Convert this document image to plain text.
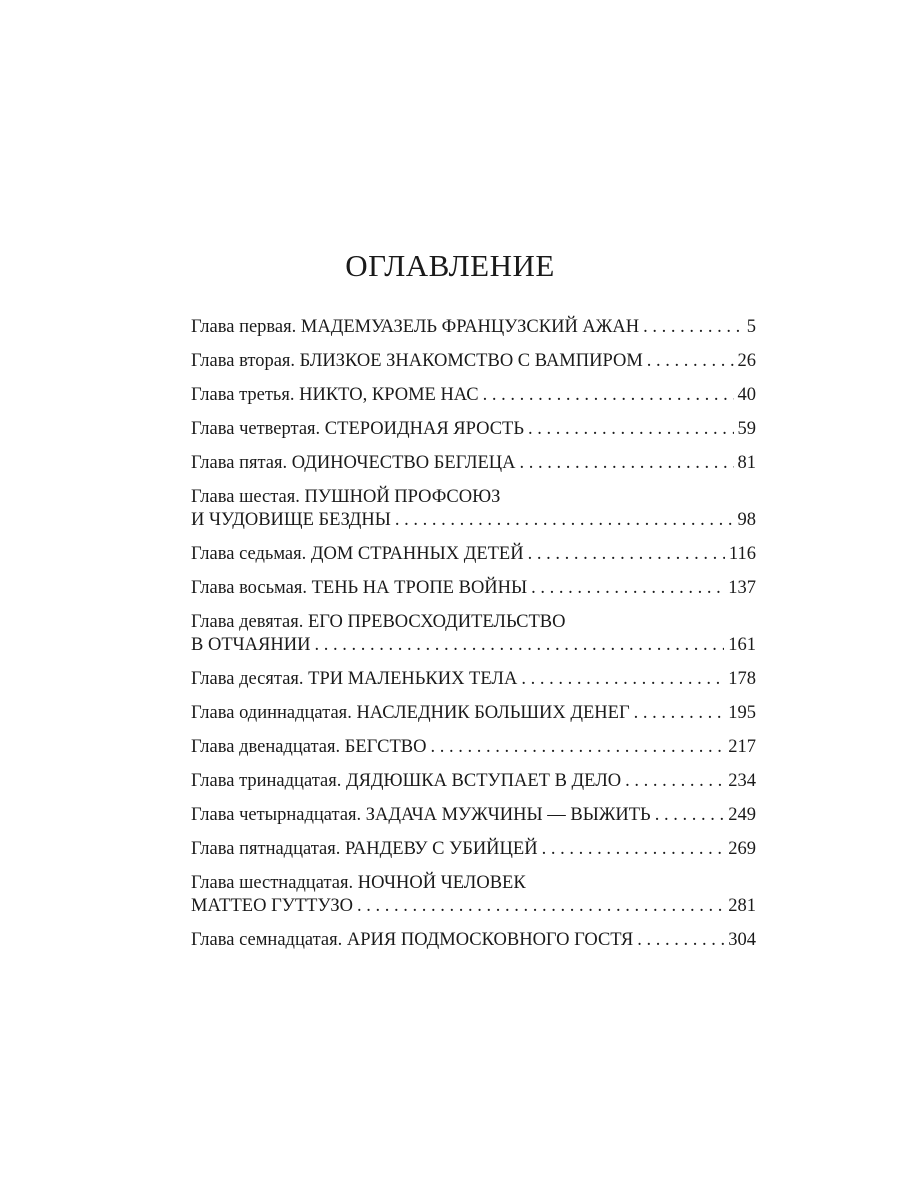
ОГЛАВЛЕНИЕ
Глава первая. МАДЕМУАЗЕЛЬ ФРАНЦУЗСКИЙ АЖАН . . .	5
Глава вторая. БЛИЗКОЕ ЗНАКОМСТВО С ВАМПИРОМ . . .	26
Глава третья. НИКТО, КРОМЕ НАС . . .	40
Глава четвертая. СТЕРОИДНАЯ ЯРОСТЬ . . .	59
Глава пятая. ОДИНОЧЕСТВО БЕГЛЕЦА . . .	81
Глава шестая. ПУШНОЙ ПРОФСОЮЗ
И ЧУДОВИЩЕ БЕЗДНЫ . . .	98
Глава седьмая. ДОМ СТРАННЫХ ДЕТЕЙ . . .	116
Глава восьмая. ТЕНЬ НА ТРОПЕ ВОЙНЫ . . .	137
Глава девятая. ЕГО ПРЕВОСХОДИТЕЛЬСТВО
В ОТЧАЯНИИ . . .	161
Глава десятая. ТРИ МАЛЕНЬКИХ ТЕЛА . . .	178
Глава одиннадцатая. НАСЛЕДНИК БОЛЬШИХ ДЕНЕГ . . .	195
Глава двенадцатая. БЕГСТВО . . .	217
Глава тринадцатая. ДЯДЮШКА ВСТУПАЕТ В ДЕЛО . . .	234
Глава четырнадцатая. ЗАДАЧА МУЖЧИНЫ — ВЫЖИТЬ . . .	249
Глава пятнадцатая. РАНДЕВУ С УБИЙЦЕЙ . . .	269
Глава шестнадцатая. НОЧНОЙ ЧЕЛОВЕК
МАТТЕО ГУТТУЗО . . .	281
Глава семнадцатая. АРИЯ ПОДМОСКОВНОГО ГОСТЯ . . .	304
